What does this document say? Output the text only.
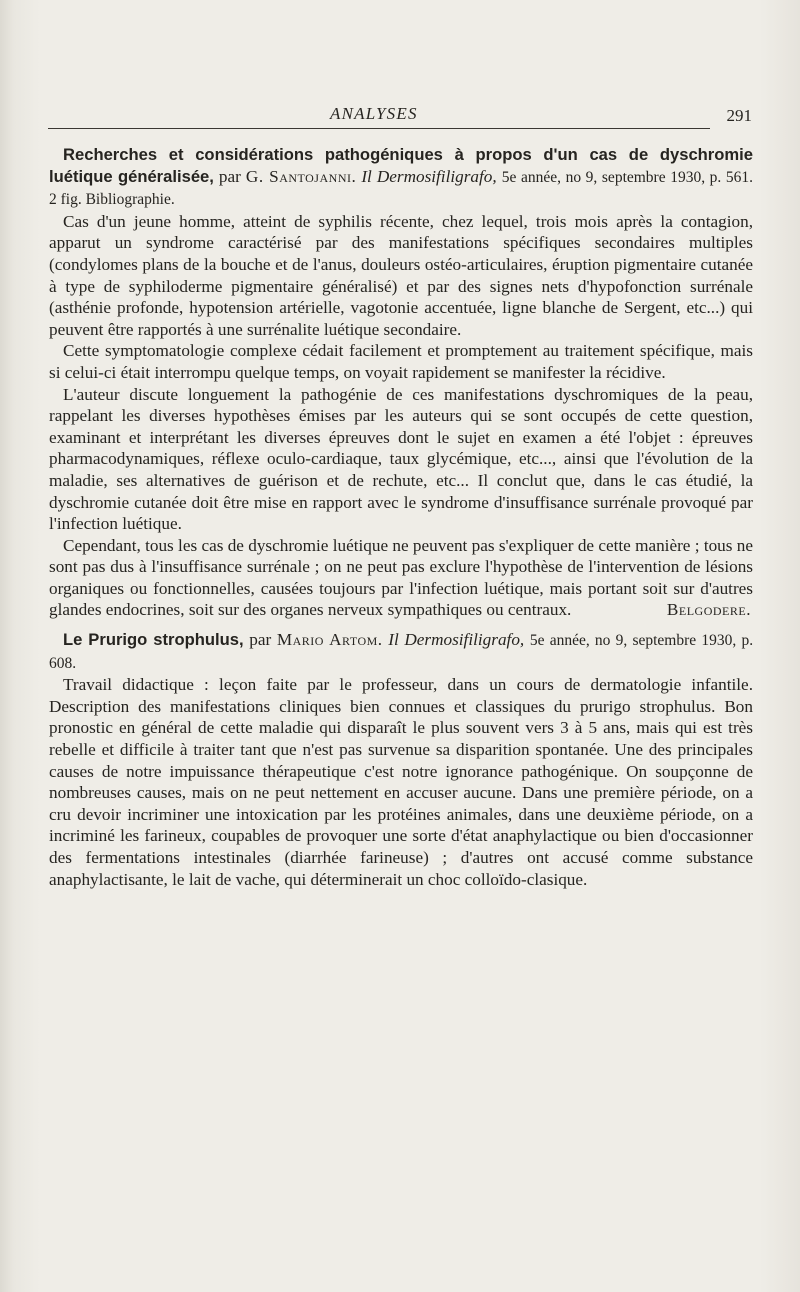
ANALYSES	291

Recherches et considérations pathogéniques à propos d'un cas de dyschromie luétique généralisée, par G. Santojanni. Il Dermosifiligrafo, 5e année, no 9, septembre 1930, p. 561. 2 fig. Bibliographie.

Cas d'un jeune homme, atteint de syphilis récente, chez lequel, trois mois après la contagion, apparut un syndrome caractérisé par des manifestations spécifiques secondaires multiples (condylomes plans de la bouche et de l'anus, douleurs ostéo-articulaires, éruption pigmentaire cutanée à type de syphiloderme pigmentaire généralisé) et par des signes nets d'hypofonction surrénale (asthénie profonde, hypotension artérielle, vagotonie accentuée, ligne blanche de Sergent, etc...) qui peuvent être rapportés à une surrénalite luétique secondaire.

Cette symptomatologie complexe cédait facilement et promptement au traitement spécifique, mais si celui-ci était interrompu quelque temps, on voyait rapidement se manifester la récidive.

L'auteur discute longuement la pathogénie de ces manifestations dyschromiques de la peau, rappelant les diverses hypothèses émises par les auteurs qui se sont occupés de cette question, examinant et interprétant les diverses épreuves dont le sujet en examen a été l'objet : épreuves pharmacodynamiques, réflexe oculo-cardiaque, taux glycémique, etc..., ainsi que l'évolution de la maladie, ses alternatives de guérison et de rechute, etc... Il conclut que, dans le cas étudié, la dyschromie cutanée doit être mise en rapport avec le syndrome d'insuffisance surrénale provoqué par l'infection luétique.

Cependant, tous les cas de dyschromie luétique ne peuvent pas s'expliquer de cette manière ; tous ne sont pas dus à l'insuffisance surrénale ; on ne peut pas exclure l'hypothèse de l'intervention de lésions organiques ou fonctionnelles, causées toujours par l'infection luétique, mais portant soit sur d'autres glandes endocrines, soit sur des organes nerveux sympathiques ou centraux.	Belgodere.

Le Prurigo strophulus, par Mario Artom. Il Dermosifiligrafo, 5e année, no 9, septembre 1930, p. 608.

Travail didactique : leçon faite par le professeur, dans un cours de dermatologie infantile. Description des manifestations cliniques bien connues et classiques du prurigo strophulus. Bon pronostic en général de cette maladie qui disparaît le plus souvent vers 3 à 5 ans, mais qui est très rebelle et difficile à traiter tant que n'est pas survenue sa disparition spontanée. Une des principales causes de notre impuissance thérapeutique c'est notre ignorance pathogénique. On soupçonne de nombreuses causes, mais on ne peut nettement en accuser aucune. Dans une première période, on a cru devoir incriminer une intoxication par les protéines animales, dans une deuxième période, on a incriminé les farineux, coupables de provoquer une sorte d'état anaphylactique ou bien d'occasionner des fermentations intestinales (diarrhée farineuse) ; d'autres ont accusé comme substance anaphylactisante, le lait de vache, qui déterminerait un choc colloïdo-clasique.
